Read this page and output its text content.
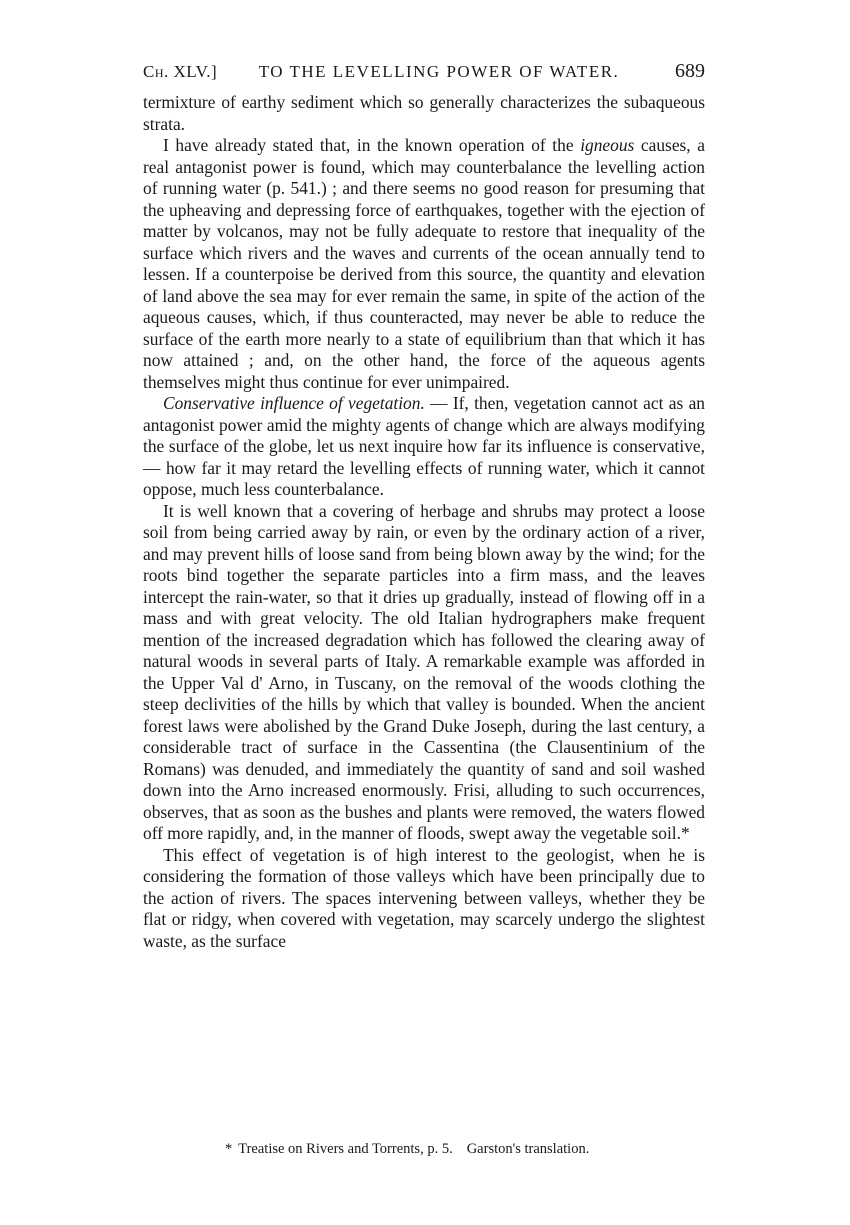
Ch. XLV.]	TO THE LEVELLING POWER OF WATER.	689

termixture of earthy sediment which so generally characterizes the subaqueous strata.

I have already stated that, in the known operation of the igneous causes, a real antagonist power is found, which may counterbalance the levelling action of running water (p. 541.) ; and there seems no good reason for presuming that the upheaving and depressing force of earthquakes, together with the ejection of matter by volcanos, may not be fully adequate to restore that inequality of the surface which rivers and the waves and currents of the ocean annually tend to lessen. If a counterpoise be derived from this source, the quantity and elevation of land above the sea may for ever remain the same, in spite of the action of the aqueous causes, which, if thus counteracted, may never be able to reduce the surface of the earth more nearly to a state of equilibrium than that which it has now attained ; and, on the other hand, the force of the aqueous agents themselves might thus continue for ever unimpaired.

Conservative influence of vegetation. — If, then, vegetation cannot act as an antagonist power amid the mighty agents of change which are always modifying the surface of the globe, let us next inquire how far its influence is conservative, — how far it may retard the levelling effects of running water, which it cannot oppose, much less counterbalance.

It is well known that a covering of herbage and shrubs may protect a loose soil from being carried away by rain, or even by the ordinary action of a river, and may prevent hills of loose sand from being blown away by the wind; for the roots bind together the separate particles into a firm mass, and the leaves intercept the rain-water, so that it dries up gradually, instead of flowing off in a mass and with great velocity. The old Italian hydrographers make frequent mention of the increased degradation which has followed the clearing away of natural woods in several parts of Italy. A remarkable example was afforded in the Upper Val d' Arno, in Tuscany, on the removal of the woods clothing the steep declivities of the hills by which that valley is bounded. When the ancient forest laws were abolished by the Grand Duke Joseph, during the last century, a considerable tract of surface in the Cassentina (the Clausentinium of the Romans) was denuded, and immediately the quantity of sand and soil washed down into the Arno increased enormously. Frisi, alluding to such occurrences, observes, that as soon as the bushes and plants were removed, the waters flowed off more rapidly, and, in the manner of floods, swept away the vegetable soil.*

This effect of vegetation is of high interest to the geologist, when he is considering the formation of those valleys which have been principally due to the action of rivers. The spaces intervening between valleys, whether they be flat or ridgy, when covered with vegetation, may scarcely undergo the slightest waste, as the surface

* Treatise on Rivers and Torrents, p. 5. Garston's translation.
